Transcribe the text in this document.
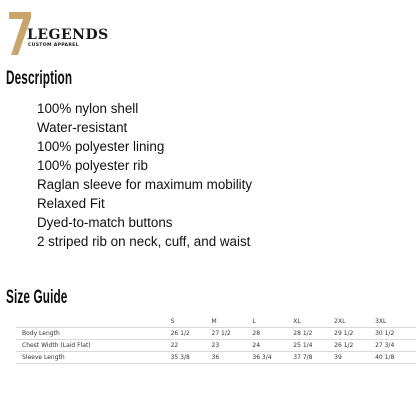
LEGENDS
CUSTOM APPAREL
Description
100% nylon shell
Water-resistant
100% polyester lining
100% polyester rib
Raglan sleeve for maximum mobility
Relaxed Fit
Dyed-to-match buttons
2 striped rib on neck, cuff, and waist
Size Guide
	S	M	L	XL	2XL	3XL
Body Length	26 1/2	27 1/2	28	28 1/2	29 1/2	30 1/2
Chest Width (Laid Flat)	22	23	24	25 1/4	26 1/2	27 3/4
Sleeve Length	35 3/8	36	36 3/4	37 7/8	39	40 1/8
